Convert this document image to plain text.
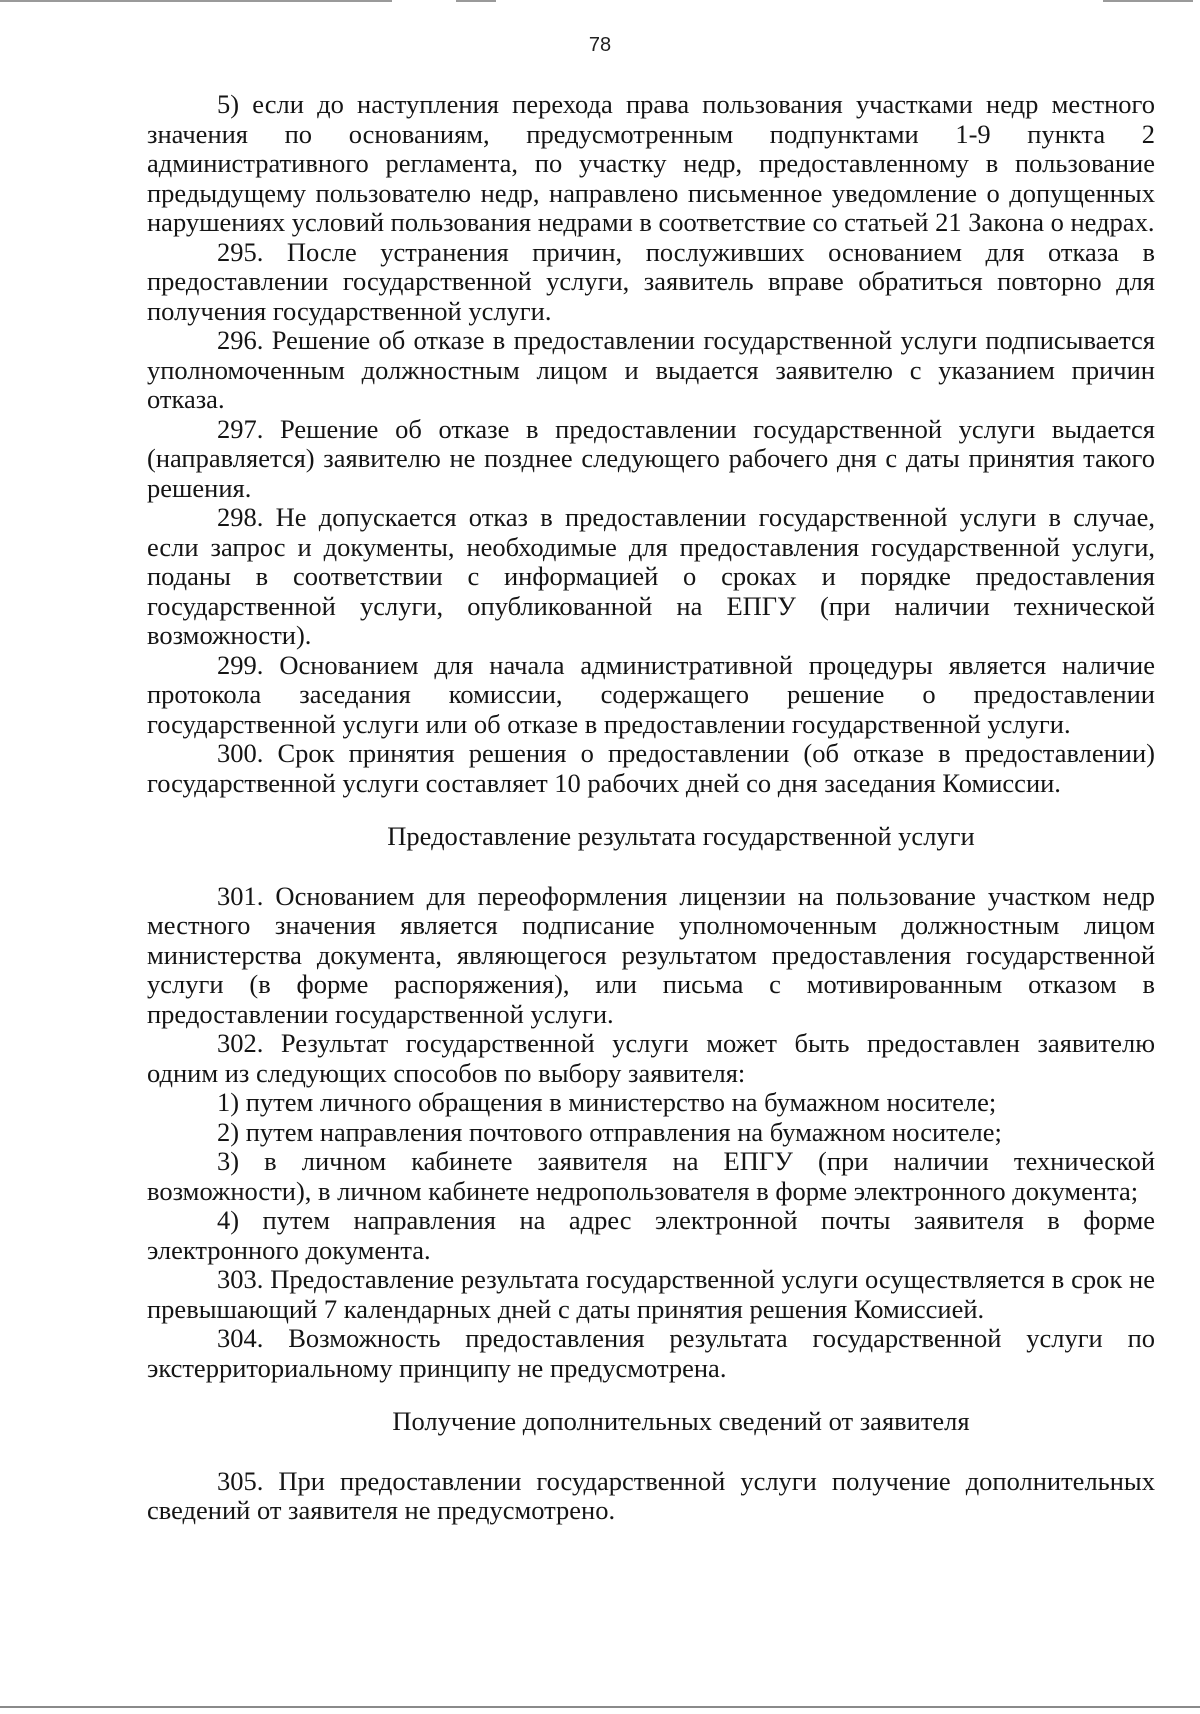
78

5) если до наступления перехода права пользования участками недр местного значения по основаниям, предусмотренным подпунктами 1-9 пункта 2 административного регламента, по участку недр, предоставленному в пользование предыдущему пользователю недр, направлено письменное уведомление о допущенных нарушениях условий пользования недрами в соответствие со статьей 21 Закона о недрах.

295. После устранения причин, послуживших основанием для отказа в предоставлении государственной услуги, заявитель вправе обратиться повторно для получения государственной услуги.

296. Решение об отказе в предоставлении государственной услуги подписывается уполномоченным должностным лицом и выдается заявителю с указанием причин отказа.

297. Решение об отказе в предоставлении государственной услуги выдается (направляется) заявителю не позднее следующего рабочего дня с даты принятия такого решения.

298. Не допускается отказ в предоставлении государственной услуги в случае, если запрос и документы, необходимые для предоставления государственной услуги, поданы в соответствии с информацией о сроках и порядке предоставления государственной услуги, опубликованной на ЕПГУ (при наличии технической возможности).

299. Основанием для начала административной процедуры является наличие протокола заседания комиссии, содержащего решение о предоставлении государственной услуги или об отказе в предоставлении государственной услуги.

300. Срок принятия решения о предоставлении (об отказе в предоставлении) государственной услуги составляет 10 рабочих дней со дня заседания Комиссии.

Предоставление результата государственной услуги

301. Основанием для переоформления лицензии на пользование участком недр местного значения является подписание уполномоченным должностным лицом министерства документа, являющегося результатом предоставления государственной услуги (в форме распоряжения), или письма с мотивированным отказом в предоставлении государственной услуги.

302. Результат государственной услуги может быть предоставлен заявителю одним из следующих способов по выбору заявителя:

1) путем личного обращения в министерство на бумажном носителе;

2) путем направления почтового отправления на бумажном носителе;

3) в личном кабинете заявителя на ЕПГУ (при наличии технической возможности), в личном кабинете недропользователя в форме электронного документа;

4) путем направления на адрес электронной почты заявителя в форме электронного документа.

303. Предоставление результата государственной услуги осуществляется в срок не превышающий 7 календарных дней с даты принятия решения Комиссией.

304. Возможность предоставления результата государственной услуги по экстерриториальному принципу не предусмотрена.

Получение дополнительных сведений от заявителя

305. При предоставлении государственной услуги получение дополнительных сведений от заявителя не предусмотрено.
